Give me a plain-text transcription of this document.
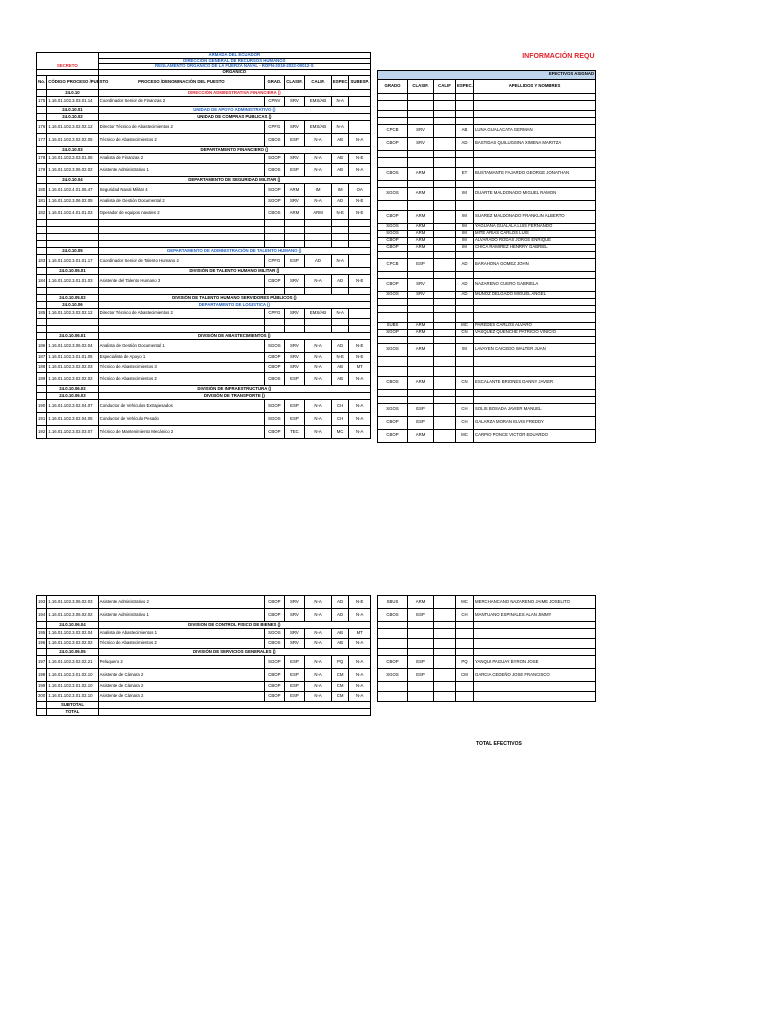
		ARMADA DEL ECUADOR					
		DIRECCIÓN GENERAL DE RECURSOS HUMANOS					
SECRETO		REGLAMENTO ORGÁNICO DE LA FUERZA NAVAL - ROFN-2018-2022-00012-S					
		ORGANICO					
No.	CÓDIGO PROCESO /PUESTO	PROCESO /DENOMINACIÓN DEL PUESTO	GRAD.	CLASIF.	CALIF.	ESPEC.	SUBESP.
	24.0.10	DIRECCIÓN ADMINISTRATIVA FINANCIERA ()					
175	1.16.01.102.3.03.01.14	Coordinador Senior de Finanzas 2	CPNV	SRV	EMS/AB	N-A	
	24.0.10.01	UNIDAD DE APOYO ADMINISTRATIVO ()					
	24.0.10.02	UNIDAD DE COMPRAS PUBLICAS ()					
176	1.16.01.102.3.02.02.12	Director Técnico de Abastecimientos 2	CPFG	SRV	EMS/AB	N-A	
177	1.16.01.102.3.02.02.05	Técnico de Abastecimientos 2	CBOS	ESP	N-A	AB	N-A
	24.0.10.03	DEPARTAMENTO FINANCIERO ()					
178	1.16.01.102.3.03.01.05	Analista de Finanzas 2	SGOP	SRV	N-A	AB	N-E
179	1.16.01.102.3.06.02.02	Asistente Administrativo 1	CBOS	ESP	N-A	AB	N-A
	24.0.10.04	DEPARTAMENTO DE SEGURIDAD MILITAR ()					
180	1.16.01.102.4.01.05.47	Seguridad Naval Militar 4	SGOP	ARM	IM	IM	OA
181	1.16.01.102.3.06.02.05	Analista de Gestión Documental 2	SGOP	SRV	N-A	AD	N-E
182	1.16.01.102.4.01.01.03	Operador de equipos navales 2	CBOS	ARM	ARM	N-E	N-E

	24.0.10.05	DEPARTAMENTO DE ADMINISTRACIÓN DE TALENTO HUMANO ()					
183	1.16.01.102.3.01.01.17	Coordinador Senior de Talento Humano 2	CPFG	ESP	AD	N-A	
	24.0.10.05.01	DIVISIÓN DE TALENTO HUMANO MILITAR ()					
184	1.16.01.102.3.01.01.03	Asistente del Talento Humano 3	CBOP	SRV	N-A	AD	N-E

	24.0.10.05.02	DIVISIÓN DE TALENTO HUMANO SERVIDORES PÚBLICOS ()					
	24.0.10.06	DEPARTAMENTO DE LOGISTICA ()					
185	1.16.01.102.3.02.02.12	Director Técnico de Abastecimientos 2	CPFG	SRV	EMS/AB	N-A	

	24.0.10.06.01	DIVISIÓN DE ABASTECIMIENTOS ()					
186	1.16.01.102.3.06.02.04	Analista de Gestión Documental 1	SGOS	SRV	N-A	AD	N-E
187	1.16.01.102.3.01.01.05	Especialista de Apoyo 1	CBOP	SRV	N-A	N-E	N-E
188	1.16.01.102.3.02.02.03	Técnico de Abastecimientos 3	CBOP	SRV	N-A	AB	MT
189	1.16.01.102.3.02.02.02	Técnico de Abastecimientos 2	CBOS	ESP	N-A	AB	N-A
	24.0.10.06.02	DIVISIÓN DE INFRAESTRUCTURA ()					
	24.0.10.06.03	DIVISIÓN DE TRANSPORTE ()					
190	1.16.01.102.3.02.04.07	Conductor de Vehículos Extrapesados	SGOP	ESP	N-A	CH	N-A
191	1.16.01.102.3.02.04.05	Conductor de Vehículo Pesado	SGOS	ESP	N-A	CH	N-A
192	1.16.01.102.3.02.03.07	Técnico de Mantenimiento Mecánico 2	CBOP	TEC	N-A	MC	N-A
INFORMACIÓN REQU				

EFECTIVOS ASIGNAD				
GRADO	CLASIF.	CALIF	ESPEC.	APELLIDOS Y NOMBRES

CPCB	SRV		AB	LUNA GUALACATA GERMAN
CBOP	SRV		AD	BASTIDAS QUILUGSINA XIMENA MARITZA

CBOS	ARM		ET	BUSTAMANTE FAJARDO GEORGE JONATHAN

SGOS	ARM		IM	DUARTE MALDONADO MIGUEL RAMON

CBOP	ARM		IM	SUAREZ MALDONADO FRANKLIN ALBERTO
SGOS	ARM		IM	YAGUANA GUALALA LUIS FERNANDO
SGOS	ARM		IM	MITE ARIAS CARLOS LUIS
CBOP	ARM		IM	ALVARADO RODAS JORGE ENRIQUE
CBOP	ARM		IM	CHICA RAMIREZ HENRRY GABRIEL

CPCB	ESP		AD	BARAHONA GOMEZ JOHN

CBOP	SRV		AD	NAZARENO CUERO GABRIELA
SGOS	SRV		AD	MUÑOZ DELGADO MIGUEL ANGEL

SUBS	ARM		MC	PAREDES CARLOS ALVARO
SGOP	ARM		CN	VASQUEZ QUENCHE PATRICIO VINICIO

SGOS	ARM		IM	LAVAYEN CAICEDO WALTER JUAN

CBOS	ARM		CN	ESCALANTE BRIONES DANNY JAVIER

SGOS	ESP		CH	SOLIS BOSADA JAVIER MANUEL
CBOP	ESP		CH	GALARZA MORAN ELVIS FREDDY
CBOP	ARM		MC	CARPIO PONCE VICTOR EDUARDO
193	1.16.01.102.3.06.02.03	Asistente Administrativo 2	CBOP	SRV	N-A	AD	N-E
194	1.16.01.102.3.06.02.02	Asistente Administrativo 1	CBOP	SRV	N-A	AD	N-A
	24.0.10.06.04	DIVISION DE CONTROL FISICO DE BIENES ()					
195	1.16.01.102.3.02.02.04	Analista de Abastecimientos 1	SGOS	SRV	N-A	AB	MT
196	1.16.01.102.3.02.02.02	Técnico de Abastecimientos 2	CBOS	SRV	N-A	AB	N-A
	24.0.10.06.05	DIVISIÓN DE SERVICIOS GENERALES ()					
197	1.16.01.102.3.02.02.21	Peluquero 2	SGOP	ESP	N-A	PQ	N-A
198	1.16.01.102.3.01.02.10	Asistente de Cámara 2	CBOP	ESP	N-A	CM	N-A
199	1.16.01.102.3.01.02.10	Asistente de Cámara 2	CBOP	ESP	N-A	CM	N-A
200	1.16.01.102.3.01.02.10	Asistente de Cámara 2	CBOP	ESP	N-A	CM	N-A
	SUBTOTAL						
	TOTAL						
SBUS	ARM		MC	MERCHANCANO NAZARENO JAIME JOSELITO
CBOS	ESP		CH	MANTUANO ESPINALES ALAN JIMMY

CBOP	ESP		PQ	YANQUI PAGUAY BYRON JOSE
SGOS	ESP		CM	GARCIA CEDEÑO JOSE FRANCISCO

TOTAL EFECTIVOS
